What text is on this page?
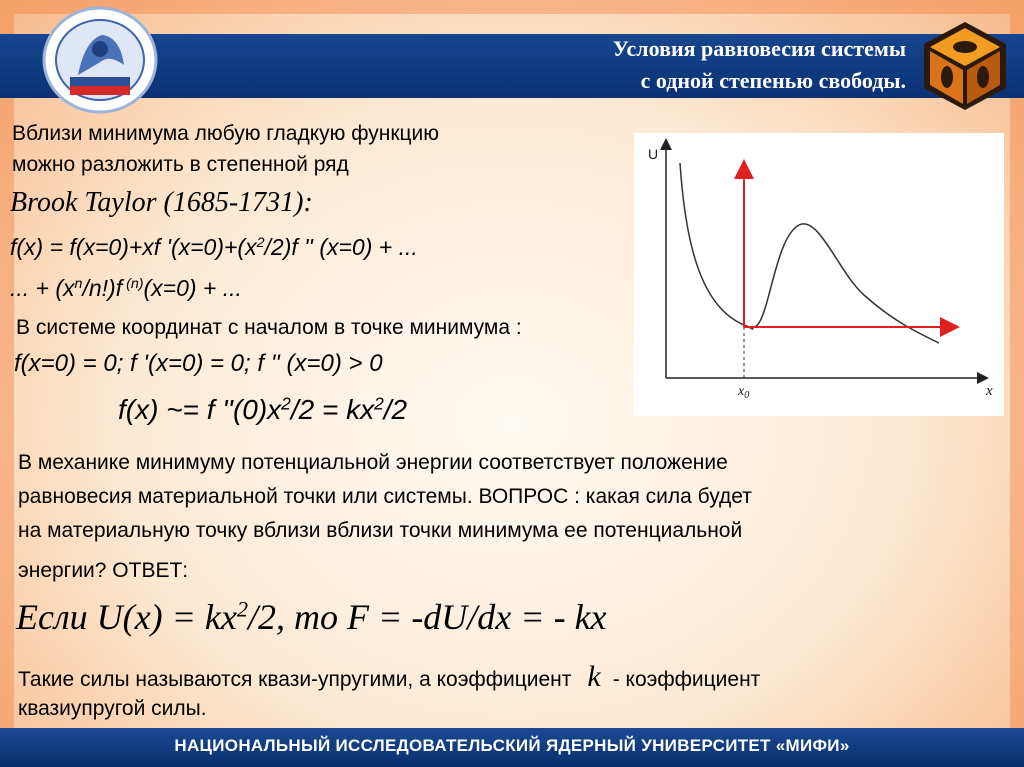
Условия равновесия системы
с одной степенью свободы.
Вблизи минимума любую гладкую функцию
можно разложить в степенной ряд
Brook Taylor (1685-1731):
f(x) = f(x=0)+xf '$(x=0)+(x^2/2)f$ '' (x=0) + ...
... + $(x^n/n!)f$ $^{(n)}$(x=0) + ...
В системе координат с началом в точке минимума :
f(x=0) = 0; f '(x=0) = 0; f '' (x=0) > 0
f(x) ~= f ''$(0)x^2/2 = kx^2/2$
В механике минимуму потенциальной энергии соответствует положение
равновесия материальной точки или системы. ВОПРОС : какая сила будет
на материальную точку вблизи вблизи точки минимума ее потенциальной
энергии? ОТВЕТ:
Если $U(x) = kx^2/2$, то F = -dU/dx = - kx
Такие силы называются квази-упругими, а коэффициент k - коэффициент
квазиупругой силы.
U
x
$x_0$
НАЦИОНАЛЬНЫЙ ИССЛЕДОВАТЕЛЬСКИЙ ЯДЕРНЫЙ УНИВЕРСИТЕТ «МИФИ»
